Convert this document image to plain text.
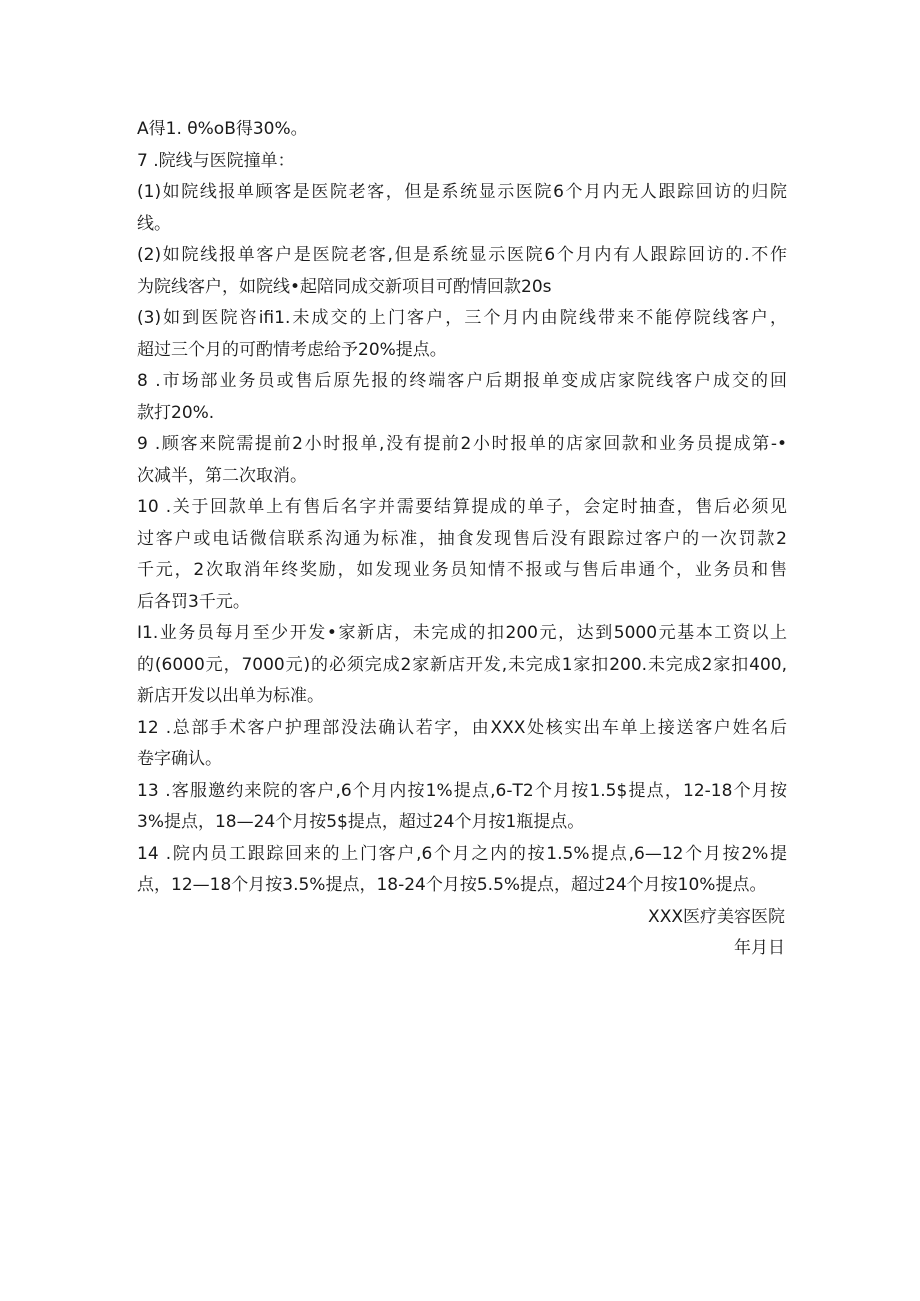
A得1. θ%oB得30%。
7 .院线与医院撞单：
(1)如院线报单顾客是医院老客，但是系统显示医院6个月内无人跟踪回访的归院
线。
(2)如院线报单客户是医院老客,但是系统显示医院6个月内有人跟踪回访的.不作
为院线客户，如院线•起陪同成交新项目可酌情回款20s
(3)如到医院咨ifi1.未成交的上门客户，三个月内由院线带来不能停院线客户，
超过三个月的可酌情考虑给予20%提点。
8 .市场部业务员或售后原先报的终端客户后期报单变成店家院线客户成交的回
款打20%.
9 .顾客来院需提前2小时报单,没有提前2小时报单的店家回款和业务员提成第-•
次减半，第二次取消。
10 .关于回款单上有售后名字并需要结算提成的单子，会定时抽查，售后必须见
过客户或电话微信联系沟通为标准，抽食发现售后没有跟踪过客户的一次罚款2
千元，2次取消年终奖励，如发现业务员知情不报或与售后串通个，业务员和售
后各罚3千元。
I1.业务员每月至少开发•家新店，未完成的扣200元，达到5000元基本工资以上
的(6000元，7000元)的必须完成2家新店开发,未完成1家扣200.未完成2家扣400,
新店开发以出单为标准。
12 .总部手术客户护理部没法确认若字，由XXX处核实出车单上接送客户姓名后
卷字确认。
13 .客服邀约来院的客户,6个月内按1%提点,6-T2个月按1.5$提点，12-18个月按
3%提点，18—24个月按5$提点，超过24个月按1瓶提点。
14 .院内员工跟踪回来的上门客户,6个月之内的按1.5%提点,6—12个月按2%提
点，12—18个月按3.5%提点，18-24个月按5.5%提点，超过24个月按10%提点。
XXX医疗美容医院
年月日
